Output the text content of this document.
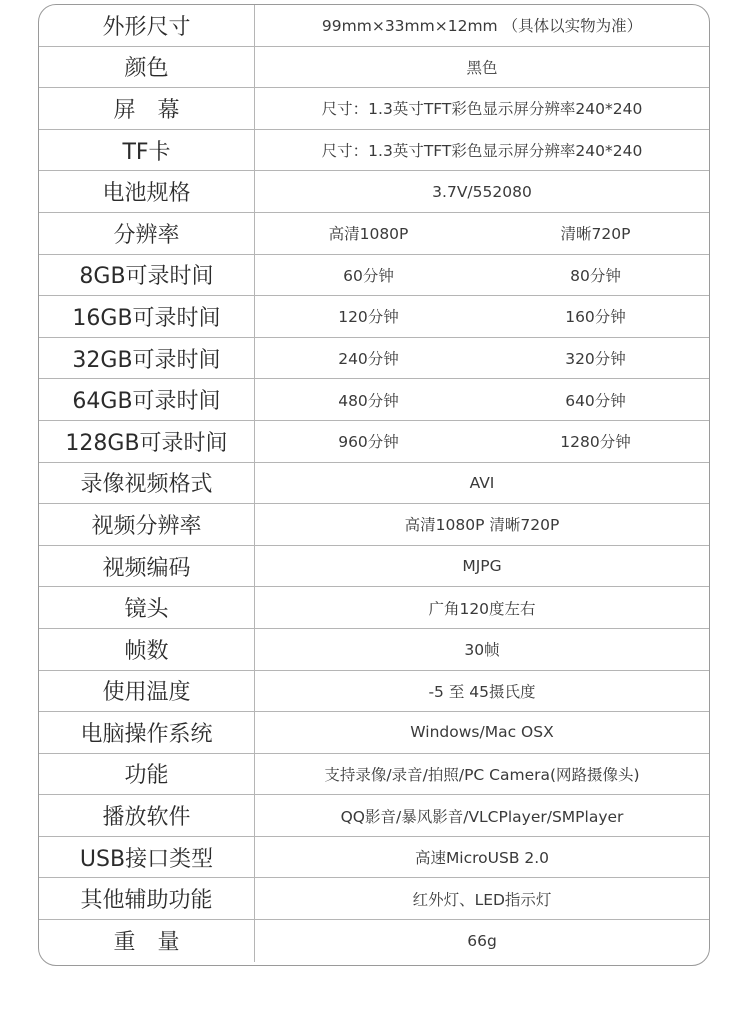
外形尺寸	99mm×33mm×12mm （具体以实物为准）
颜色	黑色
屏　幕	尺寸：1.3英寸TFT彩色显示屏分辨率240*240
TF卡	尺寸：1.3英寸TFT彩色显示屏分辨率240*240
电池规格	3.7V/552080
分辨率	高清1080P	清晰720P
8GB可录时间	60分钟	80分钟
16GB可录时间	120分钟	160分钟
32GB可录时间	240分钟	320分钟
64GB可录时间	480分钟	640分钟
128GB可录时间	960分钟	1280分钟
录像视频格式	AVI
视频分辨率	高清1080P 清晰720P
视频编码	MJPG
镜头	广角120度左右
帧数	30帧
使用温度	-5 至 45摄氏度
电脑操作系统	Windows/Mac OSX
功能	支持录像/录音/拍照/PC Camera(网路摄像头)
播放软件	QQ影音/暴风影音/VLCPlayer/SMPlayer
USB接口类型	高速MicroUSB 2.0
其他辅助功能	红外灯、LED指示灯
重　量	66g
